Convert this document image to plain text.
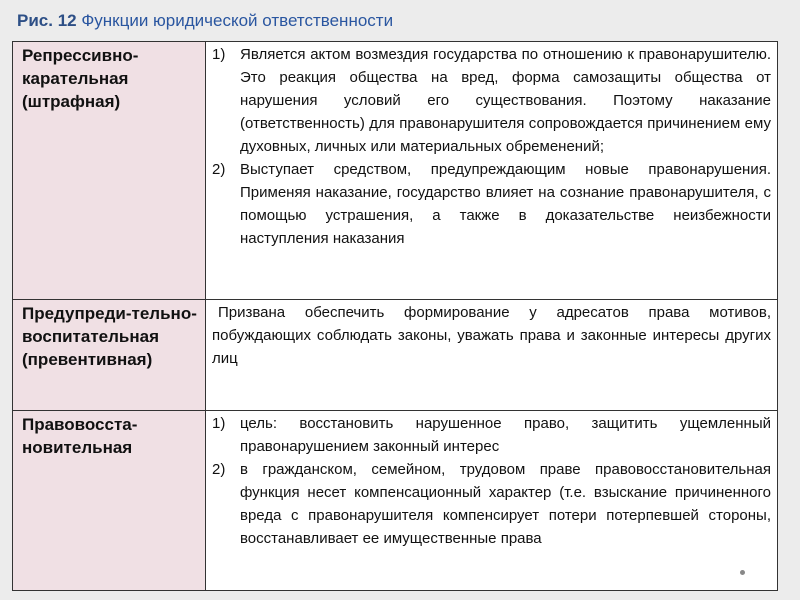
Рис. 12 Функции юридической ответственности
Репрессивно-карательная (штрафная)	1) Является актом возмездия государства по отношению к правонарушителю. Это реакция общества на вред, форма самозащиты общества от нарушения условий его существования. Поэтому наказание (ответственность) для правонарушителя сопровождается причинением ему духовных, личных или материальных обременений;
2) Выступает средством, предупреждающим новые правонарушения. Применяя наказание, государство влияет на сознание правонарушителя, с помощью устрашения, а также в доказательстве неизбежности наступления наказания

Предупреди-тельно-воспитательная (превентивная)	Призвана обеспечить формирование у адресатов права мотивов, побуждающих соблюдать законы, уважать права и законные интересы других лиц

Правовосста-новительная	1) цель: восстановить нарушенное право, защитить ущемленный правонарушением законный интерес
2) в гражданском, семейном, трудовом праве правовосстановительная функция несет компенсационный характер (т.е. взыскание причиненного вреда с правонарушителя компенсирует потери потерпевшей стороны, восстанавливает ее имущественные права
